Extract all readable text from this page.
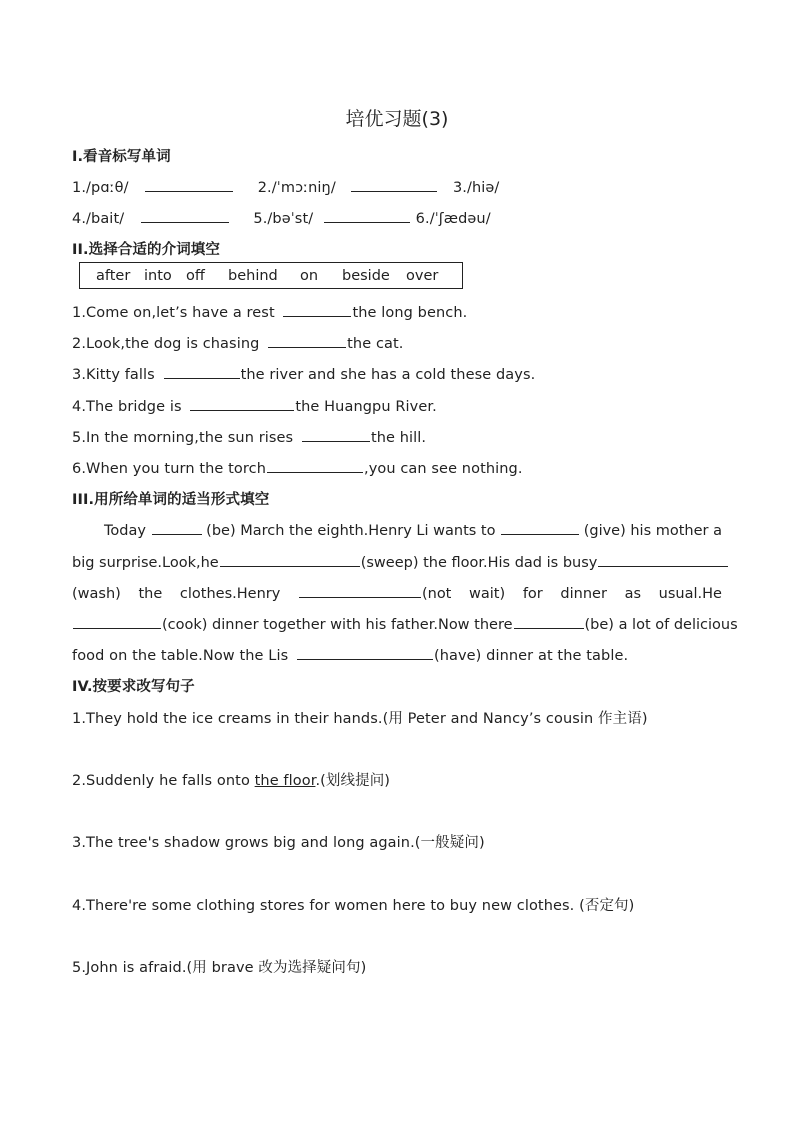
培优习题(3)
I.看音标写单词
1./pɑːθ/	2./ˈmɔːniŋ/	3./hiə/
4./bait/	5./bəˈst/	6./ˈʃædəu/
II.选择合适的介词填空
after into off behind on beside over
1.Come on,let’s have a rest	the long bench.
2.Look,the dog is chasing	the cat.
3.Kitty falls	the river and she has a cold these days.
4.The bridge is	the Huangpu River.
5.In the morning,the sun rises	the hill.
6.When you turn the torch	,you can see nothing.
III.用所给单词的适当形式填空
Today	(be) March the eighth.Henry Li wants to	(give) his mother a
big surprise.Look,he	(sweep) the floor.His dad is busy
(wash) the clothes.Henry	(not wait) for dinner as usual.He
(cook) dinner together with his father.Now there	(be) a lot of delicious
food on the table.Now the Lis	(have) dinner at the table.
IV.按要求改写句子
1.They hold the ice creams in their hands.(用 Peter and Nancy’s cousin 作主语)
2.Suddenly he falls onto the floor.(划线提问)
3.The tree's shadow grows big and long again.(一般疑问)
4.There're some clothing stores for women here to buy new clothes. (否定句)
5.John is afraid.(用 brave 改为选择疑问句)
